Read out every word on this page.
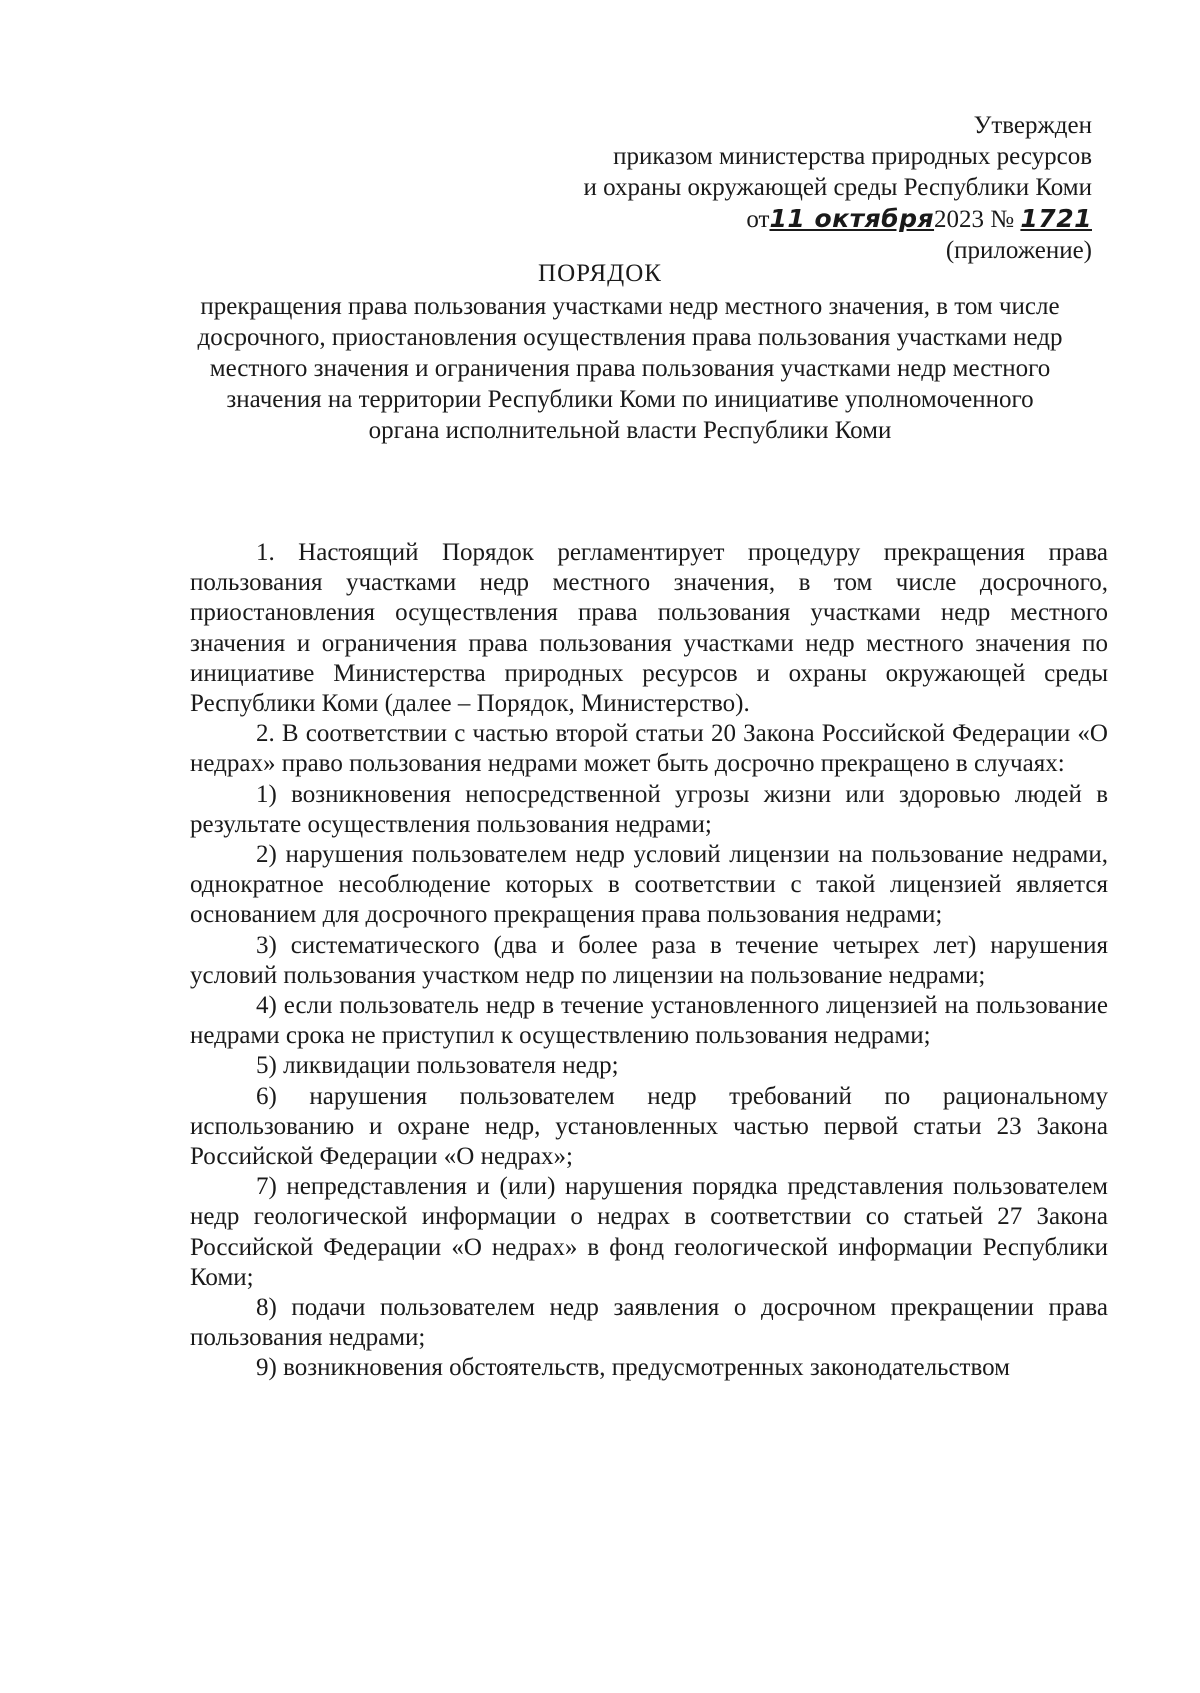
Утвержден
приказом министерства природных ресурсов
и охраны окружающей среды Республики Коми
от11 октября2023 № 1721
(приложение)
ПОРЯДОК
прекращения права пользования участками недр местного значения, в том числе досрочного, приостановления осуществления права пользования участками недр местного значения и ограничения права пользования участками недр местного значения на территории Республики Коми по инициативе уполномоченного органа исполнительной власти Республики Коми

1. Настоящий Порядок регламентирует процедуру прекращения права пользования участками недр местного значения, в том числе досрочного, приостановления осуществления права пользования участками недр местного значения и ограничения права пользования участками недр местного значения по инициативе Министерства природных ресурсов и охраны окружающей среды Республики Коми (далее – Порядок, Министерство).

2. В соответствии с частью второй статьи 20 Закона Российской Федерации «О недрах» право пользования недрами может быть досрочно прекращено в случаях:

1) возникновения непосредственной угрозы жизни или здоровью людей в результате осуществления пользования недрами;

2) нарушения пользователем недр условий лицензии на пользование недрами, однократное несоблюдение которых в соответствии с такой лицензией является основанием для досрочного прекращения права пользования недрами;

3) систематического (два и более раза в течение четырех лет) нарушения условий пользования участком недр по лицензии на пользование недрами;

4) если пользователь недр в течение установленного лицензией на пользование недрами срока не приступил к осуществлению пользования недрами;

5) ликвидации пользователя недр;

6) нарушения пользователем недр требований по рациональному использованию и охране недр, установленных частью первой статьи 23 Закона Российской Федерации «О недрах»;

7) непредставления и (или) нарушения порядка представления пользователем недр геологической информации о недрах в соответствии со статьей 27 Закона Российской Федерации «О недрах» в фонд геологической информации Республики Коми;

8) подачи пользователем недр заявления о досрочном прекращении права пользования недрами;

9) возникновения обстоятельств, предусмотренных законодательством
